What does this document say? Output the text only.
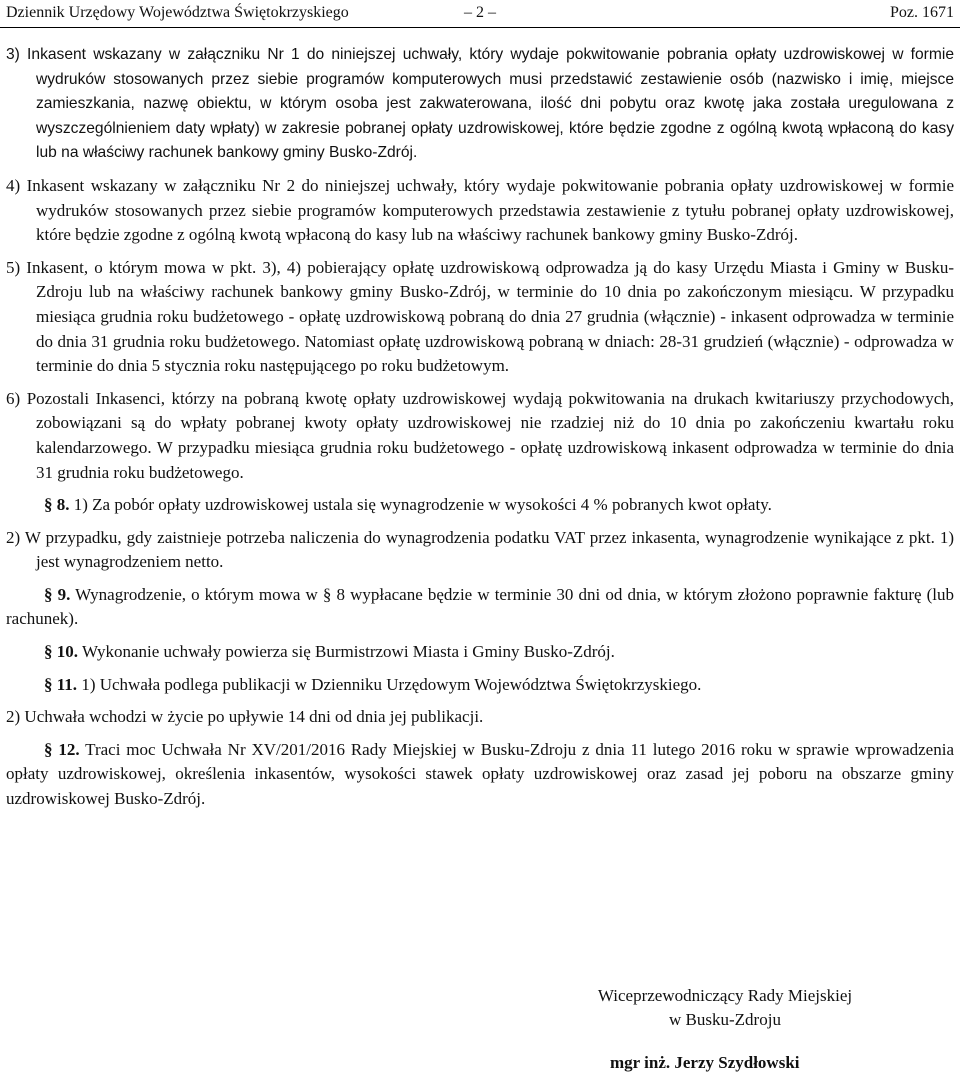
Dziennik Urzędowy Województwa Świętokrzyskiego	– 2 –	Poz. 1671

3) Inkasent wskazany w załączniku Nr 1 do niniejszej uchwały, który wydaje pokwitowanie pobrania opłaty uzdrowiskowej w formie wydruków stosowanych przez siebie programów komputerowych musi przedstawić zestawienie osób (nazwisko i imię, miejsce zamieszkania, nazwę obiektu, w którym osoba jest zakwaterowana, ilość dni pobytu oraz kwotę jaka została uregulowana z wyszczególnieniem daty wpłaty) w zakresie pobranej opłaty uzdrowiskowej, które będzie zgodne z ogólną kwotą wpłaconą do kasy lub na właściwy rachunek bankowy gminy Busko-Zdrój.

4) Inkasent wskazany w załączniku Nr 2 do niniejszej uchwały, który wydaje pokwitowanie pobrania opłaty uzdrowiskowej w formie wydruków stosowanych przez siebie programów komputerowych przedstawia zestawienie z tytułu pobranej opłaty uzdrowiskowej, które będzie zgodne z ogólną kwotą wpłaconą do kasy lub na właściwy rachunek bankowy gminy Busko-Zdrój.

5) Inkasent, o którym mowa w pkt. 3), 4) pobierający opłatę uzdrowiskową odprowadza ją do kasy Urzędu Miasta i Gminy w Busku-Zdroju lub na właściwy rachunek bankowy gminy Busko-Zdrój, w terminie do 10 dnia po zakończonym miesiącu. W przypadku miesiąca grudnia roku budżetowego - opłatę uzdrowiskową pobraną do dnia 27 grudnia (włącznie) - inkasent odprowadza w terminie do dnia 31 grudnia roku budżetowego. Natomiast opłatę uzdrowiskową pobraną w dniach: 28-31 grudzień (włącznie) - odprowadza w terminie do dnia 5 stycznia roku następującego po roku budżetowym.

6) Pozostali Inkasenci, którzy na pobraną kwotę opłaty uzdrowiskowej wydają pokwitowania na drukach kwitariuszy przychodowych, zobowiązani są do wpłaty pobranej kwoty opłaty uzdrowiskowej nie rzadziej niż do 10 dnia po zakończeniu kwartału roku kalendarzowego. W przypadku miesiąca grudnia roku budżetowego - opłatę uzdrowiskową inkasent odprowadza w terminie do dnia 31 grudnia roku budżetowego.

§ 8. 1) Za pobór opłaty uzdrowiskowej ustala się wynagrodzenie w wysokości 4 % pobranych kwot opłaty.

2) W przypadku, gdy zaistnieje potrzeba naliczenia do wynagrodzenia podatku VAT przez inkasenta, wynagrodzenie wynikające z pkt. 1) jest wynagrodzeniem netto.

§ 9. Wynagrodzenie, o którym mowa w § 8 wypłacane będzie w terminie 30 dni od dnia, w którym złożono poprawnie fakturę (lub rachunek).

§ 10. Wykonanie uchwały powierza się Burmistrzowi Miasta i Gminy Busko-Zdrój.

§ 11. 1) Uchwała podlega publikacji w Dzienniku Urzędowym Województwa Świętokrzyskiego.

2) Uchwała wchodzi w życie po upływie 14 dni od dnia jej publikacji.

§ 12. Traci moc Uchwała Nr XV/201/2016 Rady Miejskiej w Busku-Zdroju z dnia 11 lutego 2016 roku w sprawie wprowadzenia opłaty uzdrowiskowej, określenia inkasentów, wysokości stawek opłaty uzdrowiskowej oraz zasad jej poboru na obszarze gminy uzdrowiskowej Busko-Zdrój.

Wiceprzewodniczący Rady Miejskiej
w Busku-Zdroju
mgr inż. Jerzy Szydłowski
